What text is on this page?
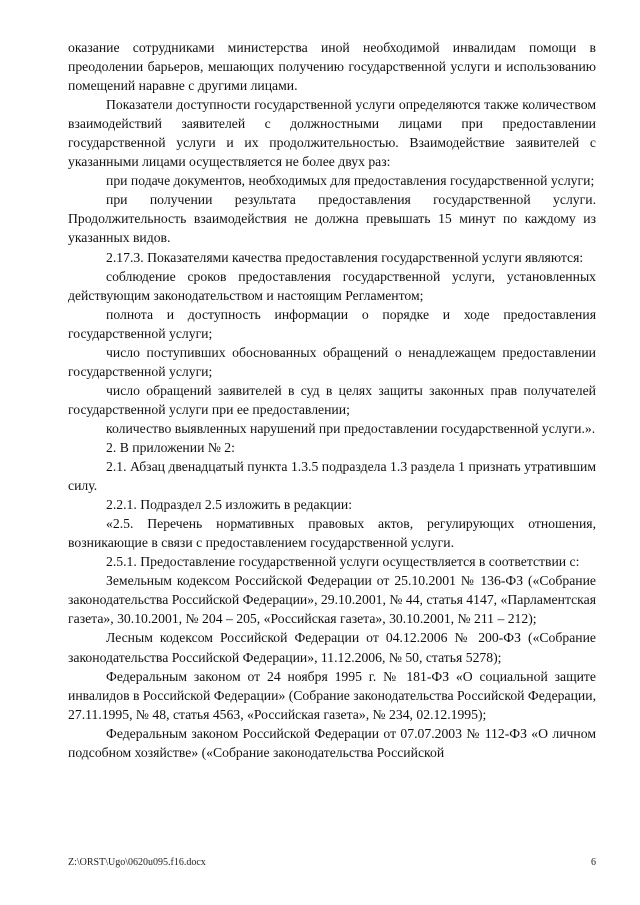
оказание сотрудниками министерства иной необходимой инвалидам помощи в преодолении барьеров, мешающих получению государственной услуги и использованию помещений наравне с другими лицами.

Показатели доступности государственной услуги определяются также количеством взаимодействий заявителей с должностными лицами при предоставлении государственной услуги и их продолжительностью. Взаимодействие заявителей с указанными лицами осуществляется не более двух раз:

при подаче документов, необходимых для предоставления государственной услуги;

при получении результата предоставления государственной услуги. Продолжительность взаимодействия не должна превышать 15 минут по каждому из указанных видов.

2.17.3. Показателями качества предоставления государственной услуги являются:

соблюдение сроков предоставления государственной услуги, установленных действующим законодательством и настоящим Регламентом;

полнота и доступность информации о порядке и ходе предоставления государственной услуги;

число поступивших обоснованных обращений о ненадлежащем предоставлении государственной услуги;

число обращений заявителей в суд в целях защиты законных прав получателей государственной услуги при ее предоставлении;

количество выявленных нарушений при предоставлении государственной услуги.».

2. В приложении № 2:

2.1. Абзац двенадцатый пункта 1.3.5 подраздела 1.3 раздела 1 признать утратившим силу.

2.2.1. Подраздел 2.5 изложить в редакции:

«2.5. Перечень нормативных правовых актов, регулирующих отношения, возникающие в связи с предоставлением государственной услуги.

2.5.1. Предоставление государственной услуги осуществляется в соответствии с:

Земельным кодексом Российской Федерации от 25.10.2001 № 136-ФЗ («Собрание законодательства Российской Федерации», 29.10.2001, № 44, статья 4147, «Парламентская газета», 30.10.2001, № 204 – 205, «Российская газета», 30.10.2001, № 211 – 212);

Лесным кодексом Российской Федерации от 04.12.2006 № 200-ФЗ («Собрание законодательства Российской Федерации», 11.12.2006, № 50, статья 5278);

Федеральным законом от 24 ноября 1995 г. № 181-ФЗ «О социальной защите инвалидов в Российской Федерации» (Собрание законодательства Российской Федерации, 27.11.1995, № 48, статья 4563, «Российская газета», № 234, 02.12.1995);

Федеральным законом Российской Федерации от 07.07.2003 № 112-ФЗ «О личном подсобном хозяйстве» («Собрание законодательства Российской

Z:\ORST\Ugo\0620u095.f16.docx	6
